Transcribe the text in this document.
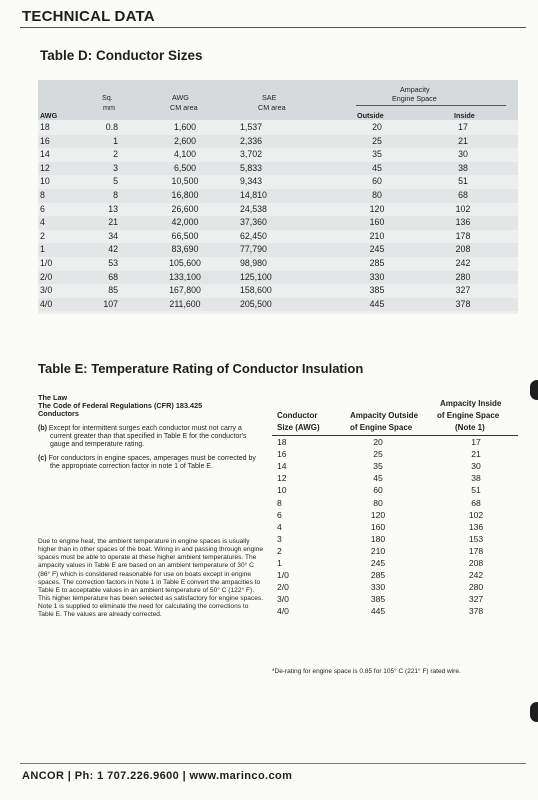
TECHNICAL DATA
Table D: Conductor Sizes
Sq.
mm
AWG
CM area
SAE
CM area
Ampacity
Engine Space
AWG	Outside	Inside
18	0.8	1,600	1,537	20	17
16	1	2,600	2,336	25	21
14	2	4,100	3,702	35	30
12	3	6,500	5,833	45	38
10	5	10,500	9,343	60	51
8	8	16,800	14,810	80	68
6	13	26,600	24,538	120	102
4	21	42,000	37,360	160	136
2	34	66,500	62,450	210	178
1	42	83,690	77,790	245	208
1/0	53	105,600	98,980	285	242
2/0	68	133,100	125,100	330	280
3/0	85	167,800	158,600	385	327
4/0	107	211,600	205,500	445	378
Table E: Temperature Rating of Conductor Insulation

The Law

The Code of Federal Regulations (CFR) 183.425

Conductors

(b) Except for intermittent surges each conductor must not carry a current greater than that specified in Table E for the conductor's gauge and temperature rating.

(c) For conductors in engine spaces, amperages must be corrected by the appropriate correction factor in note 1 of Table E.

Due to engine heat, the ambient temperature in engine spaces is usually higher than in other spaces of the boat. Wiring in and passing through engine spaces must be able to operate at these higher ambient temperatures. The ampacity values in Table E are based on an ambient temperature of 30° C (86° F) which is considered reasonable for use on boats except in engine spaces. The correction factors in Note 1 in Table E convert the ampacities to Table E to acceptable values in an ambient temperature of 50° C (122° F). This higher temperature has been selected as satisfactory for engine spaces. Note 1 is supplied to eliminate the need for calculating the corrections to Table E. The values are already corrected.
Conductor
Size (AWG)
Ampacity Outside
of Engine Space
Ampacity Inside
of Engine Space
(Note 1)
18	20	17
16	25	21
14	35	30
12	45	38
10	60	51
8	80	68
6	120	102
4	160	136
3	180	153
2	210	178
1	245	208
1/0	285	242
2/0	330	280
3/0	385	327
4/0	445	378
*De-rating for engine space is 0.85 for 105° C (221° F) rated wire.
ANCOR | Ph: 1 707.226.9600 | www.marinco.com
